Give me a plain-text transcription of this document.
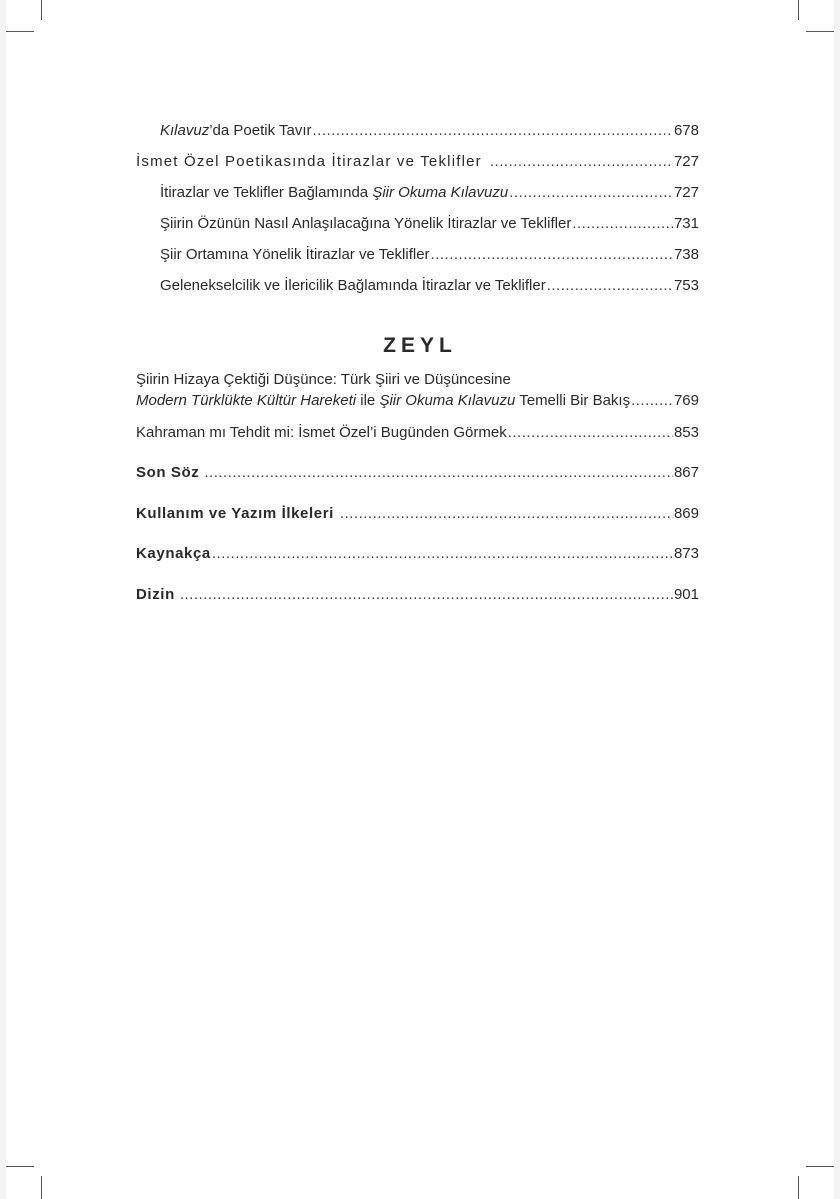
Kılavuz’da Poetik Tavır .....	678
İsmet Özel Poetikasında İtirazlar ve Teklifler .....	727
İtirazlar ve Teklifler Bağlamında Şiir Okuma Kılavuzu .....	727
Şiirin Özünün Nasıl Anlaşılacağına Yönelik İtirazlar ve Teklifler .....	731
Şiir Ortamına Yönelik İtirazlar ve Teklifler .....	738
Gelenekselcilik ve İlericilik Bağlamında İtirazlar ve Teklifler .....	753
ZEYL
Şiirin Hizaya Çektiği Düşünce: Türk Şiiri ve Düşüncesine
Modern Türklükte Kültür Hareketi ile Şiir Okuma Kılavuzu Temelli Bir Bakış .....	769
Kahraman mı Tehdit mi: İsmet Özel’i Bugünden Görmek .....	853
Son Söz .....	867
Kullanım ve Yazım İlkeleri .....	869
Kaynakça .....	873
Dizin .....	901
